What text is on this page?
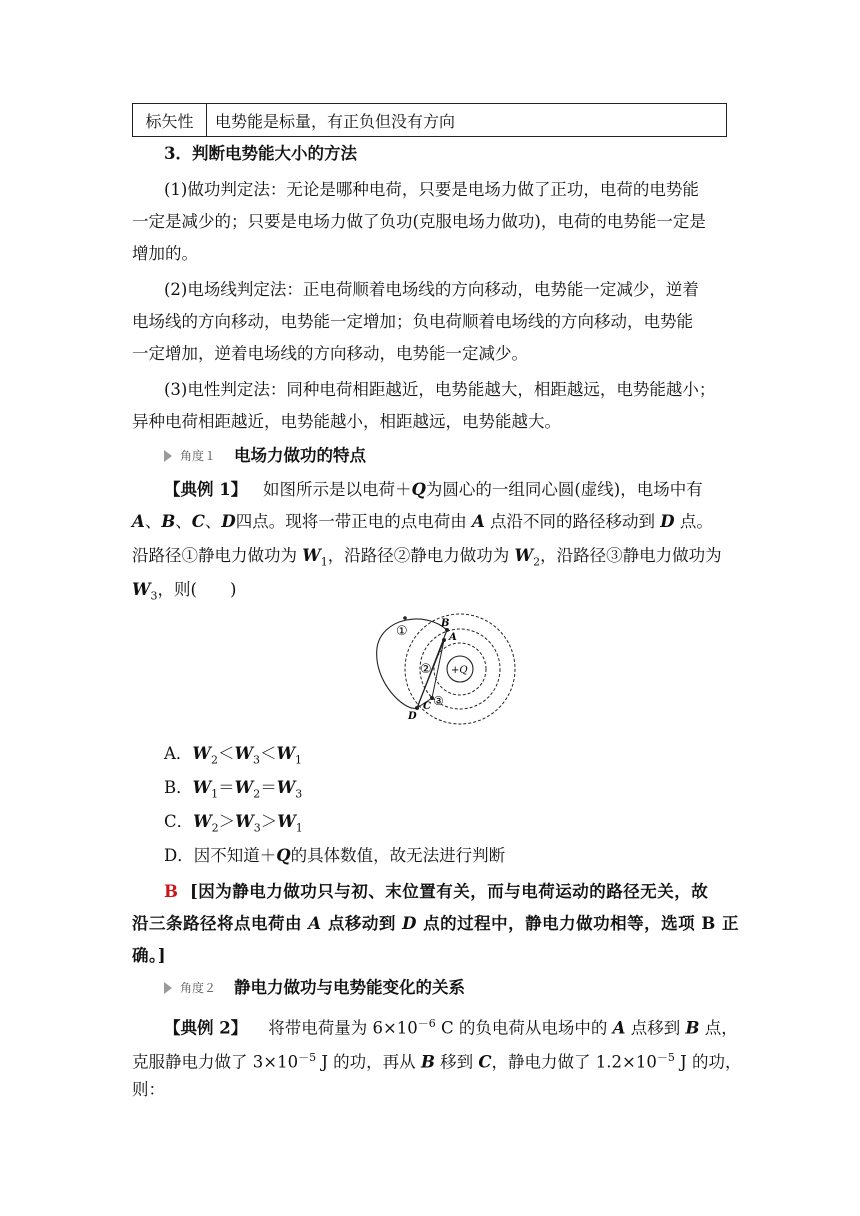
标矢性	电势能是标量，有正负但没有方向
3．判断电势能大小的方法
(1)做功判定法：无论是哪种电荷，只要是电场力做了正功，电荷的电势能
一定是减少的；只要是电场力做了负功(克服电场力做功)，电荷的电势能一定是
增加的。
(2)电场线判定法：正电荷顺着电场线的方向移动，电势能一定减少，逆着
电场线的方向移动，电势能一定增加；负电荷顺着电场线的方向移动，电势能
一定增加，逆着电场线的方向移动，电势能一定减少。
(3)电性判定法：同种电荷相距越近，电势能越大，相距越远，电势能越小；
异种电荷相距越近，电势能越小，相距越远，电势能越大。
角度１ 电场力做功的特点
【典例 1】 如图所示是以电荷＋Q为圆心的一组同心圆(虚线)，电场中有
A、B、C、D四点。现将一带正电的点电荷由 A 点沿不同的路径移动到 D 点。
沿路径①静电力做功为 $W_1$，沿路径②静电力做功为 $W_2$，沿路径③静电力做功为
$W_3$，则(　　)
①
②
③
+Q
B
A
C
D
A．$W_2<W_3<W_1$
B．$W_1=W_2=W_3$
C．$W_2>W_3>W_1$
D．因不知道＋Q的具体数值，故无法进行判断
B [因为静电力做功只与初、末位置有关，而与电荷运动的路径无关，故
沿三条路径将点电荷由 A 点移动到 D 点的过程中，静电力做功相等，选项 B 正
确。]
角度２ 静电力做功与电势能变化的关系
【典例 2】 将带电荷量为 $6\times 10^{-6}$ C 的负电荷从电场中的 A 点移到 B 点，
克服静电力做了 $3\times 10^{-5}$ J 的功，再从 B 移到 C，静电力做了 $1.2\times 10^{-5}$ J 的功，
则：
